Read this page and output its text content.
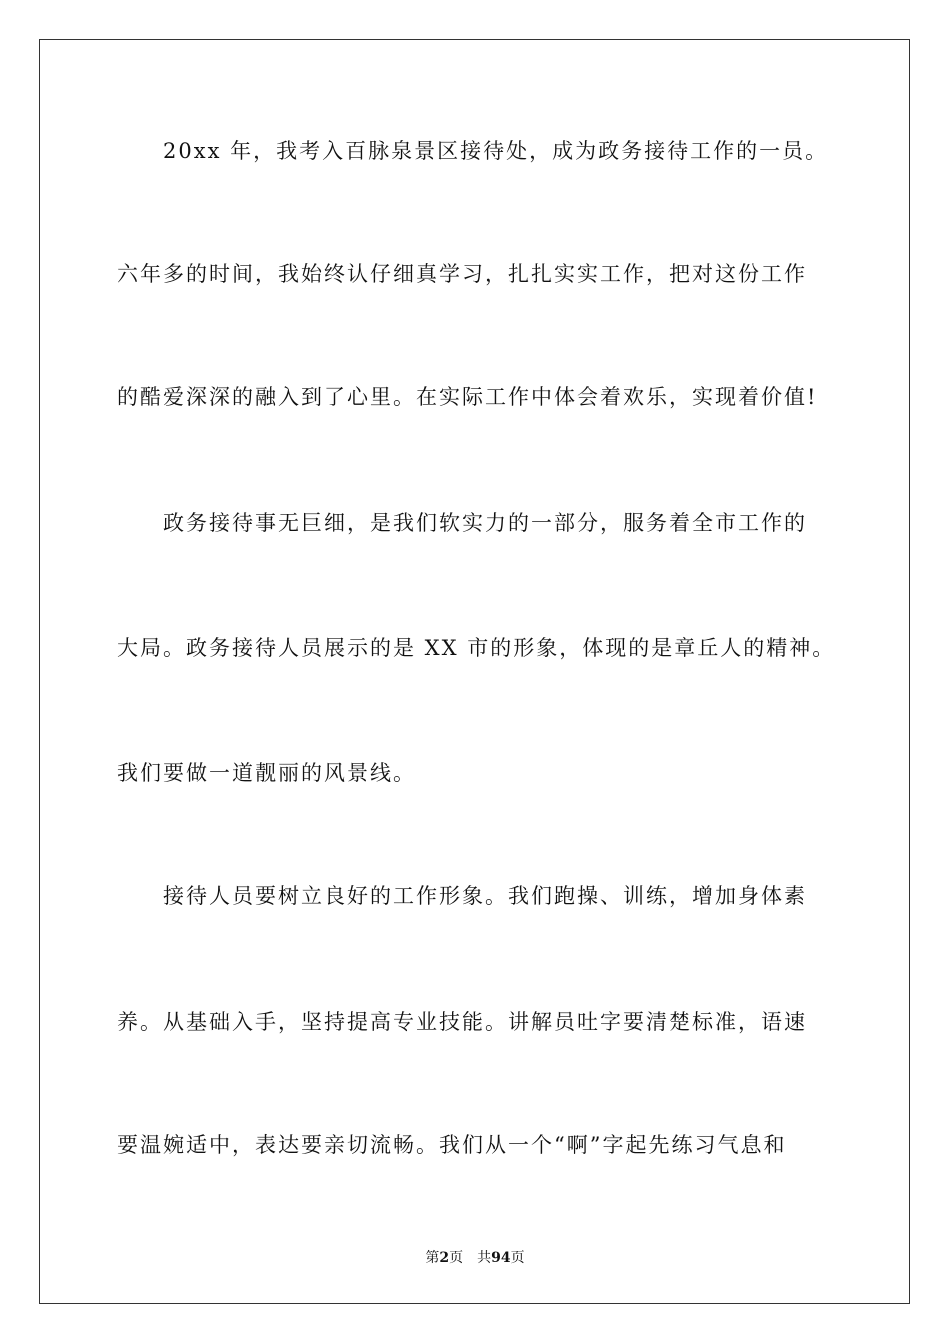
20xx 年，我考入百脉泉景区接待处，成为政务接待工作的一员。
六年多的时间，我始终认仔细真学习，扎扎实实工作，把对这份工作
的酷爱深深的融入到了心里。在实际工作中体会着欢乐，实现着价值!
政务接待事无巨细，是我们软实力的一部分，服务着全市工作的
大局。政务接待人员展示的是 XX 市的形象，体现的是章丘人的精神。
我们要做一道靓丽的风景线。
接待人员要树立良好的工作形象。我们跑操、训练，增加身体素
养。从基础入手，坚持提高专业技能。讲解员吐字要清楚标准，语速
要温婉适中，表达要亲切流畅。我们从一个“啊”字起先练习气息和
第2页 共94页
